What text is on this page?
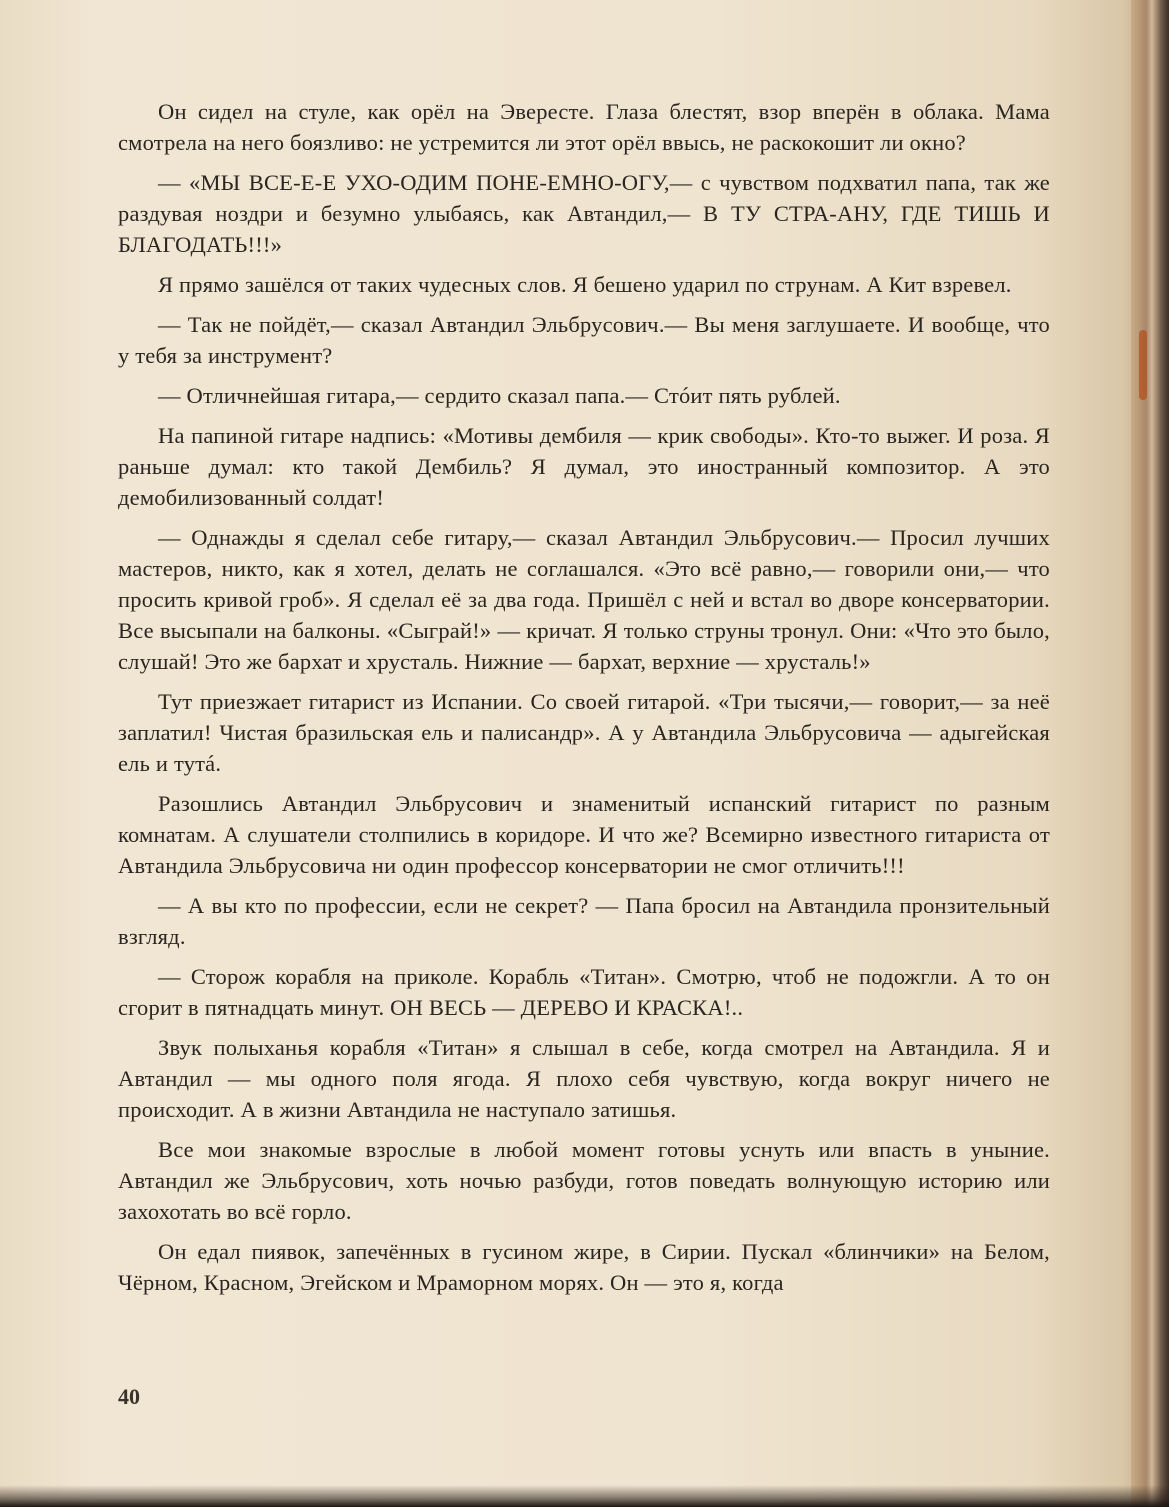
Он сидел на стуле, как орёл на Эвересте. Глаза блестят, взор вперён в облака. Мама смотрела на него боязливо: не устремится ли этот орёл ввысь, не раскокошит ли окно?

— «МЫ ВСЕ-Е-Е УХО-ОДИМ ПОНЕ-ЕМНО-ОГУ,— с чувством подхватил папа, так же раздувая ноздри и безумно улыбаясь, как Автандил,— В ТУ СТРА-АНУ, ГДЕ ТИШЬ И БЛАГОДАТЬ!!!»

Я прямо зашёлся от таких чудесных слов. Я бешено ударил по струнам. А Кит взревел.

— Так не пойдёт,— сказал Автандил Эльбрусович.— Вы меня заглушаете. И вообще, что у тебя за инструмент?

— Отличнейшая гитара,— сердито сказал папа.— Стóит пять рублей.

На папиной гитаре надпись: «Мотивы дембиля — крик свободы». Кто-то выжег. И роза. Я раньше думал: кто такой Дембиль? Я думал, это иностранный композитор. А это демобилизованный солдат!

— Однажды я сделал себе гитару,— сказал Автандил Эльбрусович.— Просил лучших мастеров, никто, как я хотел, делать не соглашался. «Это всё равно,— говорили они,— что просить кривой гроб». Я сделал её за два года. Пришёл с ней и встал во дворе консерватории. Все высыпали на балконы. «Сыграй!» — кричат. Я только струны тронул. Они: «Что это было, слушай! Это же бархат и хрусталь. Нижние — бархат, верхние — хрусталь!»

Тут приезжает гитарист из Испании. Со своей гитарой. «Три тысячи,— говорит,— за неё заплатил! Чистая бразильская ель и палисандр». А у Автандила Эльбрусовича — адыгейская ель и тутá.

Разошлись Автандил Эльбрусович и знаменитый испанский гитарист по разным комнатам. А слушатели столпились в коридоре. И что же? Всемирно известного гитариста от Автандила Эльбрусовича ни один профессор консерватории не смог отличить!!!

— А вы кто по профессии, если не секрет? — Папа бросил на Автандила пронзительный взгляд.

— Сторож корабля на приколе. Корабль «Титан». Смотрю, чтоб не подожгли. А то он сгорит в пятнадцать минут. ОН ВЕСЬ — ДЕРЕВО И КРАСКА!..

Звук полыханья корабля «Титан» я слышал в себе, когда смотрел на Автандила. Я и Автандил — мы одного поля ягода. Я плохо себя чувствую, когда вокруг ничего не происходит. А в жизни Автандила не наступало затишья.

Все мои знакомые взрослые в любой момент готовы уснуть или впасть в уныние. Автандил же Эльбрусович, хоть ночью разбуди, готов поведать волнующую историю или захохотать во всё горло.

Он едал пиявок, запечённых в гусином жире, в Сирии. Пускал «блинчики» на Белом, Чёрном, Красном, Эгейском и Мраморном морях. Он — это я, когда

40
